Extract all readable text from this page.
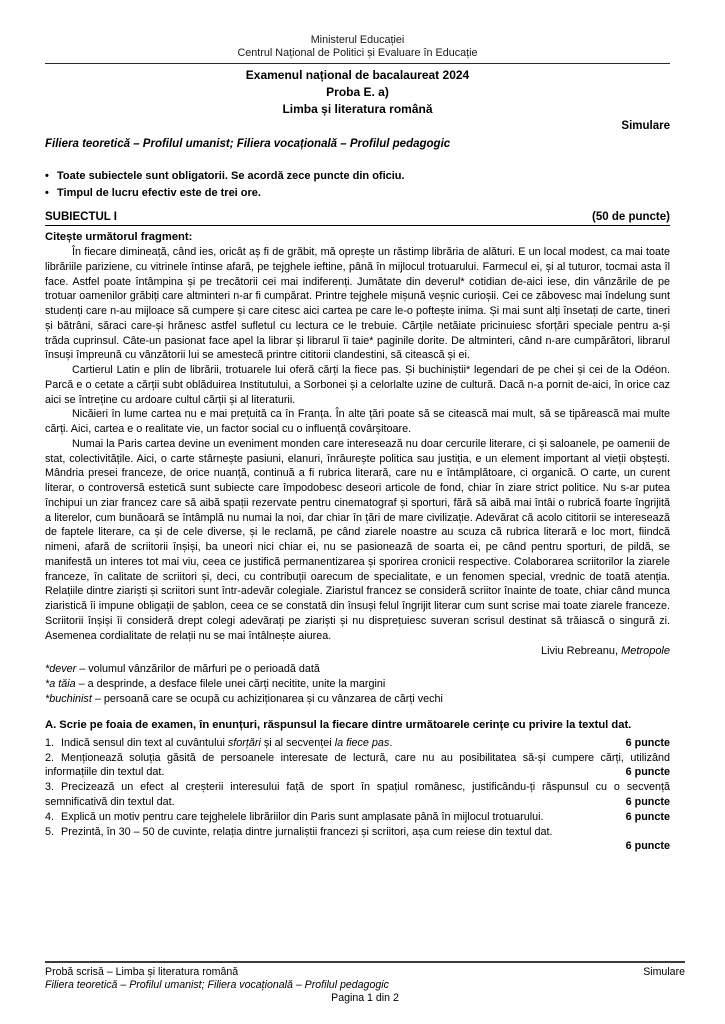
Ministerul Educației
Centrul Național de Politici și Evaluare în Educație
Examenul național de bacalaureat 2024
Proba E. a)
Limba și literatura română
Simulare
Filiera teoretică – Profilul umanist; Filiera vocațională – Profilul pedagogic
• Toate subiectele sunt obligatorii. Se acordă zece puncte din oficiu.
• Timpul de lucru efectiv este de trei ore.
SUBIECTUL I	(50 de puncte)
Citește următorul fragment:

În fiecare dimineață, când ies, oricât aș fi de grăbit, mă oprește un răstimp librăria de alături. E un local modest, ca mai toate librăriile pariziene, cu vitrinele întinse afară, pe tejghele ieftine, până în mijlocul trotuarului. Farmecul ei, și al tuturor, tocmai asta îl face. Astfel poate întâmpina și pe trecătorii cei mai indiferenți. Jumătate din deverul* cotidian de-aici iese, din vânzările de pe trotuar oamenilor grăbiți care altminteri n-ar fi cumpărat. Printre tejghele mișună veșnic curioșii. Cei ce zăbovesc mai îndelung sunt studenți care n-au mijloace să cumpere și care citesc aici cartea pe care le-o poftește inima. Și mai sunt alți însetați de carte, tineri și bătrâni, săraci care-și hrănesc astfel sufletul cu lectura ce le trebuie. Cărțile netăiate pricinuiesc sforțări speciale pentru a-și trăda cuprinsul. Câte-un pasionat face apel la librar și librarul îi taie* paginile dorite. De altminteri, când n-are cumpărători, librarul însuși împreună cu vânzătorii lui se amestecă printre cititorii clandestini, să citească și ei.

Cartierul Latin e plin de librării, trotuarele lui oferă cărți la fiece pas. Și buchiniștii* legendari de pe chei și cei de la Odéon. Parcă e o cetate a cărții subt oblăduirea Institutului, a Sorbonei și a celorlalte uzine de cultură. Dacă n-a pornit de-aici, în orice caz aici se întreține cu ardoare cultul cărții și al literaturii.

Nicăieri în lume cartea nu e mai prețuită ca în Franța. În alte țări poate să se citească mai mult, să se tipărească mai multe cărți. Aici, cartea e o realitate vie, un factor social cu o influență covârșitoare.

Numai la Paris cartea devine un eveniment monden care interesează nu doar cercurile literare, ci și saloanele, pe oamenii de stat, colectivitățile. Aici, o carte stârnește pasiuni, elanuri, înrâurește politica sau justiția, e un element important al vieții obștești. Mândria presei franceze, de orice nuanță, continuă a fi rubrica literară, care nu e întâmplătoare, ci organică. O carte, un curent literar, o controversă estetică sunt subiecte care împodobesc deseori articole de fond, chiar în ziare strict politice. Nu s-ar putea închipui un ziar francez care să aibă spații rezervate pentru cinematograf și sporturi, fără să aibă mai întâi o rubrică foarte îngrijită a literelor, cum bunăoară se întâmplă nu numai la noi, dar chiar în țări de mare civilizație. Adevărat că acolo cititorii se interesează de faptele literare, ca și de cele diverse, și le reclamă, pe când ziarele noastre au scuza că rubrica literară e loc mort, fiindcă nimeni, afară de scriitorii înșiși, ba uneori nici chiar ei, nu se pasionează de soarta ei, pe când pentru sporturi, de pildă, se manifestă un interes tot mai viu, ceea ce justifică permanentizarea și sporirea cronicii respective. Colaborarea scriitorilor la ziarele franceze, în calitate de scriitori și, deci, cu contribuții oarecum de specialitate, e un fenomen special, vrednic de toată atenția. Relațiile dintre ziariști și scriitori sunt într-adevăr colegiale. Ziaristul francez se consideră scriitor înainte de toate, chiar când munca ziaristică îi impune obligații de șablon, ceea ce se constată din însuși felul îngrijit literar cum sunt scrise mai toate ziarele franceze. Scriitorii înșiși îi consideră drept colegi adevărați pe ziariști și nu disprețuiesc suveran scrisul destinat să trăiască o singură zi. Asemenea cordialitate de relații nu se mai întâlnește aiurea.

Liviu Rebreanu, Metropole
*dever – volumul vânzărilor de mărfuri pe o perioadă dată
*a tăia – a desprinde, a desface filele unei cărți necitite, unite la margini
*buchinist – persoană care se ocupă cu achiziționarea și cu vânzarea de cărți vechi
A. Scrie pe foaia de examen, în enunțuri, răspunsul la fiecare dintre următoarele cerințe cu privire la textul dat.
1. Indică sensul din text al cuvântului sforțări și al secvenței la fiece pas.	6 puncte
2. Menționează soluția găsită de persoanele interesate de lectură, care nu au posibilitatea să-și cumpere cărți, utilizând informațiile din textul dat.	6 puncte
3. Precizează un efect al creșterii interesului față de sport în spațiul românesc, justificându-ți răspunsul cu o secvență semnificativă din textul dat.	6 puncte
4. Explică un motiv pentru care tejghelele librăriilor din Paris sunt amplasate până în mijlocul trotuarului.	6 puncte
5. Prezintă, în 30 – 50 de cuvinte, relația dintre jurnaliștii francezi și scriitori, așa cum reiese din textul dat.
6 puncte
Probă scrisă – Limba și literatura română	Simulare
Filiera teoretică – Profilul umanist; Filiera vocațională – Profilul pedagogic
Pagina 1 din 2
